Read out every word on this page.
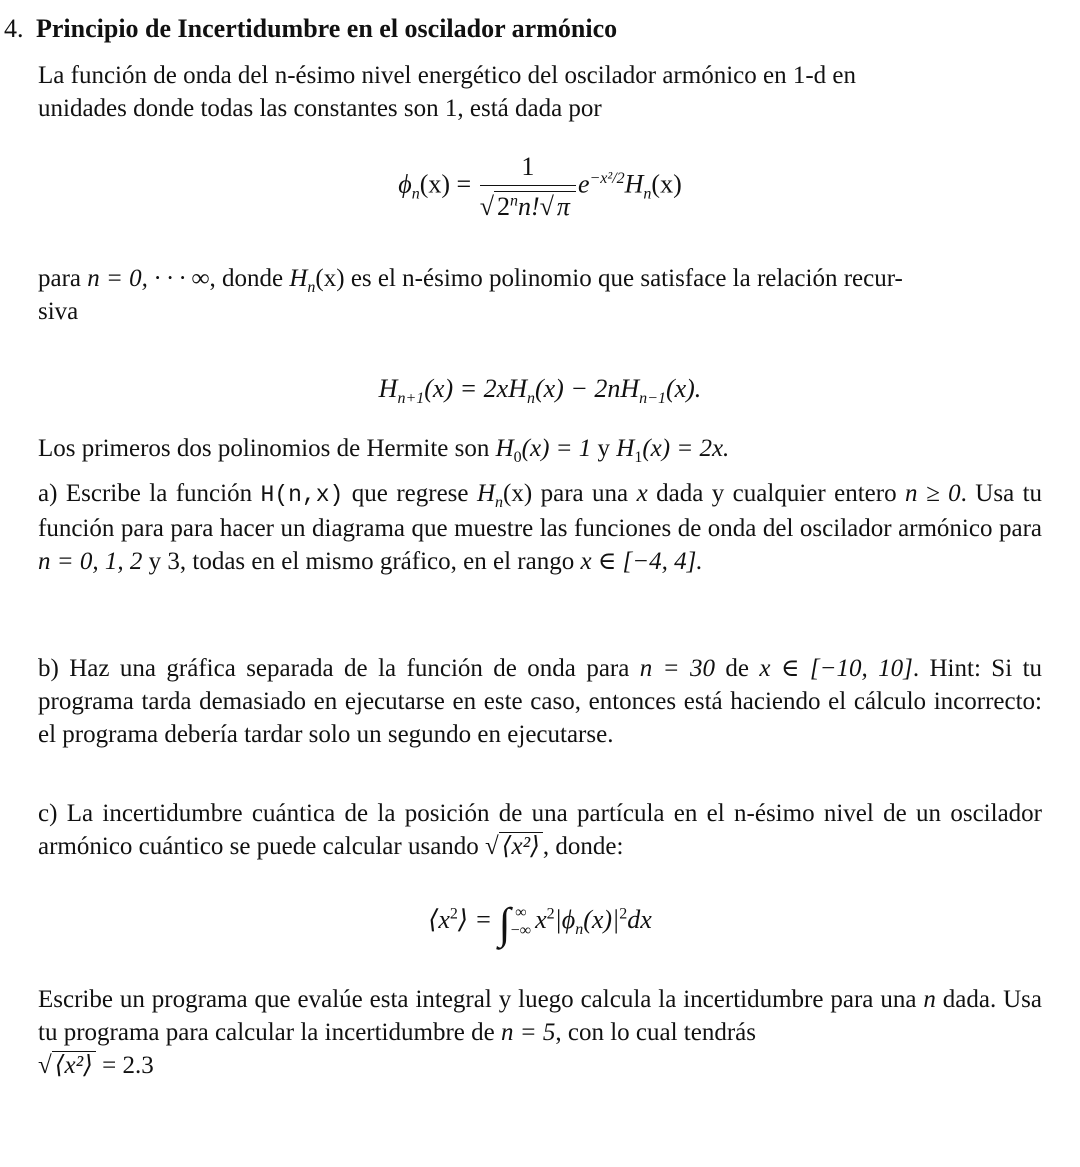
4. Principio de Incertidumbre en el oscilador armónico
La función de onda del n-ésimo nivel energético del oscilador armónico en 1-d en
unidades donde todas las constantes son 1, está dada por
$\phi_n(x) = \frac{1}{√ 2^nn!√ \pi} e^{-x^2/2}H_n(x)$
para n = 0, · · · ∞, donde $H_n(x)$ es el n-ésimo polinomio que satisface la relación recur-
siva
$H_{n+1}(x) = 2xH_n(x) - 2nH_{n-1}(x)$.
Los primeros dos polinomios de Hermite son $H_0(x) = 1$ y $H_1(x) = 2x$.
a) Escribe la función H(n,x) que regrese $H_n(x)$ para una x dada y cualquier entero n ≥ 0. Usa tu función para para hacer un diagrama que muestre las funciones de onda del oscilador armónico para n = 0, 1, 2 y 3, todas en el mismo gráfico, en el rango x ∈ [−4, 4].
b) Haz una gráfica separada de la función de onda para n = 30 de x ∈ [−10, 10]. Hint: Si tu programa tarda demasiado en ejecutarse en este caso, entonces está haciendo el cálculo incorrecto: el programa debería tardar solo un segundo en ejecutarse.
c) La incertidumbre cuántica de la posición de una partícula en el n-ésimo nivel de un oscilador armónico cuántico se puede calcular usando √ ⟨x²⟩ , donde:
$⟨x^2⟩$ = ∫ ∞
−∞ $x^2|\phi_n(x)|^2dx$
Escribe un programa que evalúe esta integral y luego calcula la incertidumbre para una n dada. Usa tu programa para calcular la incertidumbre de n = 5, con lo cual tendrás
√ ⟨x²⟩ = 2.3
